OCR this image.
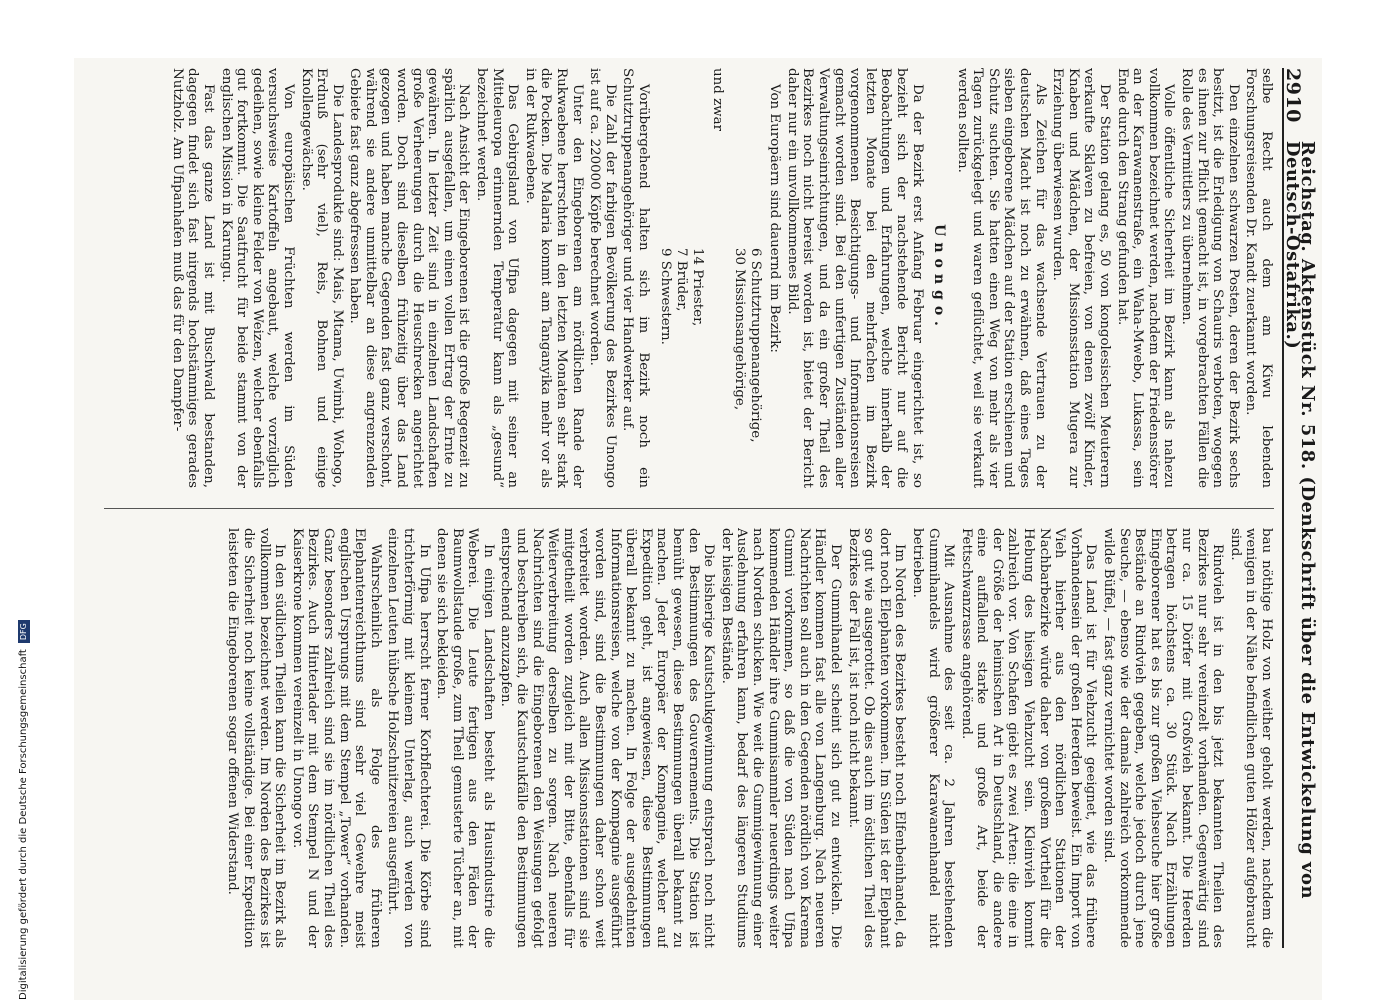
2910
Reichstag. Aktenstück Nr. 518. (Denkschrift über die Entwickelung von Deutsch-Ostafrika.)

selbe Recht auch dem am Kiwu lebenden Forschungsreisenden Dr. Kandt zuerkannt worden.

Den einzelnen schwarzen Posten, deren der Bezirk sechs besitzt, ist die Erledigung von Schauris verboten, wogegen es ihnen zur Pflicht gemacht ist, in vorgebrachten Fällen die Rolle des Vermittlers zu übernehmen.

Volle öffentliche Sicherheit im Bezirk kann als nahezu vollkommen bezeichnet werden, nachdem der Friedensstörer an der Karawanenstraße, ein Waha-Mwebo, Lukassa, sein Ende durch den Strang gefunden hat.

Der Station gelang es, 50 von kongolesischen Meuterern verkaufte Sklaven zu befreien, von denen zwölf Kinder, Knaben und Mädchen, der Missionsstation Mugera zur Erziehung überwiesen wurden.

Als Zeichen für das wachsende Vertrauen zu der deutschen Macht ist noch zu erwähnen, daß eines Tages sieben eingeborene Mädchen auf der Station erschienen und Schutz suchten. Sie hatten einen Weg von mehr als vier Tagen zurückgelegt und waren geflüchtet, weil sie verkauft werden sollten.

Unongo.

Da der Bezirk erst Anfang Februar eingerichtet ist, so bezieht sich der nachstehende Bericht nur auf die Beobachtungen und Erfahrungen, welche innerhalb der letzten Monate bei den mehrfachen im Bezirk vorgenommenen Besichtigungs- und Informationsreisen gemacht worden sind. Bei den unfertigen Zuständen aller Verwaltungseinrichtungen, und da ein großer Theil des Bezirkes noch nicht bereist worden ist, bietet der Bericht daher nur ein unvollkommenes Bild.

Von Europäern sind dauernd im Bezirk:

6 Schutztruppenangehörige,
30 Missionsangehörige,

und zwar

14 Priester,
7 Brüder,
9 Schwestern.

Vorübergehend halten sich im Bezirk noch ein Schutztruppenangehöriger und vier Handwerker auf.

Die Zahl der farbigen Bevölkerung des Bezirkes Unongo ist auf ca. 220000 Köpfe berechnet worden.

Unter den Eingeborenen am nördlichen Rande der Rukwaebene herrschten in den letzten Monaten sehr stark die Pocken. Die Malaria kommt am Tanganyika mehr vor als in der Rukwaebene.

Das Gebirgsland von Ufipa dagegen mit seiner an Mitteleuropa erinnernden Temperatur kann als „gesund“ bezeichnet werden.

Nach Ansicht der Eingeborenen ist die große Regenzeit zu spärlich ausgefallen, um einen vollen Ertrag der Ernte zu gewähren. In letzter Zeit sind in einzelnen Landschaften große Verheerungen durch die Heuschrecken angerichtet worden. Doch sind dieselben frühzeitig über das Land gezogen und haben manche Gegenden fast ganz verschont, während sie andere unmittelbar an diese angrenzenden Gebiete fast ganz abgefressen haben.

Die Landesprodukte sind: Mais, Mtama, Uwimbi, Wohogo, Erdnuß (sehr viel), Reis, Bohnen und einige Knollengewächse.

Von europäischen Früchten werden im Süden versuchsweise Kartoffeln angebaut, welche vorzüglich gedeihen, sowie kleine Felder von Weizen, welcher ebenfalls gut fortkommt. Die Saatfrucht für beide stammt von der englischen Mission in Karungu.

Fast das ganze Land ist mit Buschwald bestanden, dagegen findet sich fast nirgends hochstämmiges gerades Nutzholz. Am Ufipanhafen muß das für den Dampfer-

bau nöthige Holz von weither geholt werden, nachdem die wenigen in der Nähe befindlichen guten Hölzer aufgebraucht sind.

Rindvieh ist in den bis jetzt bekannten Theilen des Bezirkes nur sehr vereinzelt vorhanden. Gegenwärtig sind nur ca. 15 Dörfer mit Großvieh bekannt. Die Heerden betragen höchstens ca. 30 Stück. Nach Erzählungen Eingeborener hat es bis zur großen Viehseuche hier große Bestände an Rindvieh gegeben, welche jedoch durch jene Seuche, — ebenso wie der damals zahlreich vorkommende wilde Büffel, — fast ganz vernichtet worden sind.

Das Land ist für Viehzucht geeignet, wie das frühere Vorhandensein der großen Heerden beweist. Ein Import von Vieh hierher aus den nördlichen Stationen der Nachbarbezirke würde daher von großem Vortheil für die Hebung des hiesigen Viehzucht sein. Kleinvieh kommt zahlreich vor. Von Schafen giebt es zwei Arten: die eine in der Größe der heimischen Art in Deutschland, die andere eine auffallend starke und große Art, beide der Fettschwanzrasse angehörend.

Mit Ausnahme des seit ca. 2 Jahren bestehenden Gummihandels wird größerer Karawanenhandel nicht betrieben.

Im Norden des Bezirkes besteht noch Elfenbeinhandel, da dort noch Elephanten vorkommen. Im Süden ist der Elephant so gut wie ausgerottet. Ob dies auch im östlichen Theil des Bezirkes der Fall ist, ist noch nicht bekannt.

Der Gummihandel scheint sich gut zu entwickeln. Die Händler kommen fast alle von Langenburg. Nach neueren Nachrichten soll auch in den Gegenden nördlich von Karema Gummi vorkommen, so daß die von Süden nach Ufipa kommenden Händler ihre Gummisammler neuerdings weiter nach Norden schicken. Wie weit die Gummigewinnung einer Ausdehnung erfahren kann, bedarf des längeren Studiums der hiesigen Bestände.

Die bisherige Kautschukgewinnung entsprach noch nicht den Bestimmungen des Gouvernements. Die Station ist bemüht gewesen, diese Bestimmungen überall bekannt zu machen. Jeder Europäer der Kompagnie, welcher auf Expedition geht, ist angewiesen, diese Bestimmungen überall bekannt zu machen. In Folge der ausgedehnten Informationsreisen, welche von der Kompagnie ausgeführt worden sind, sind die Bestimmungen daher schon weit verbreitet worden. Auch allen Missionsstationen sind sie mitgetheilt worden zugleich mit der Bitte, ebenfalls für Weiterverbreitung derselben zu sorgen. Nach neueren Nachrichten sind die Eingeborenen den Weisungen gefolgt und beschreiben sich, die Kautschukfälle den Bestimmungen entsprechend anzuzapfen.

In einigen Landschaften besteht als Hausindustrie die Weberei. Die Leute fertigen aus den Fäden der Baumwollstaude große, zum Theil gemusterte Tücher an, mit denen sie sich bekleiden.

In Ufipa herrscht ferner Korbflechterei. Die Körbe sind trichterförmig mit kleinem Unterlag, auch werden von einzelnen Leuten hübsche Holzschnitzereien ausgeführt.

Wahrscheinlich als Folge des früheren Elephantenreichthums sind sehr viel Gewehre meist englischen Ursprungs mit dem Stempel „Tower“ vorhanden. Ganz besonders zahlreich sind sie im nördlichen Theil des Bezirkes. Auch Hinterlader mit dem Stempel N und der Kaiserkrone kommen vereinzelt in Unongo vor.

In den südlichen Theilen kann die Sicherheit im Bezirk als vollkommen bezeichnet werden. Im Norden des Bezirkes ist die Sicherheit noch keine vollständige. Bei einer Expedition leisteten die Eingeborenen sogar offenen Widerstand.

Digitalisierung gefördert durch die Deutsche ForschungsgemeinschaftDFG
